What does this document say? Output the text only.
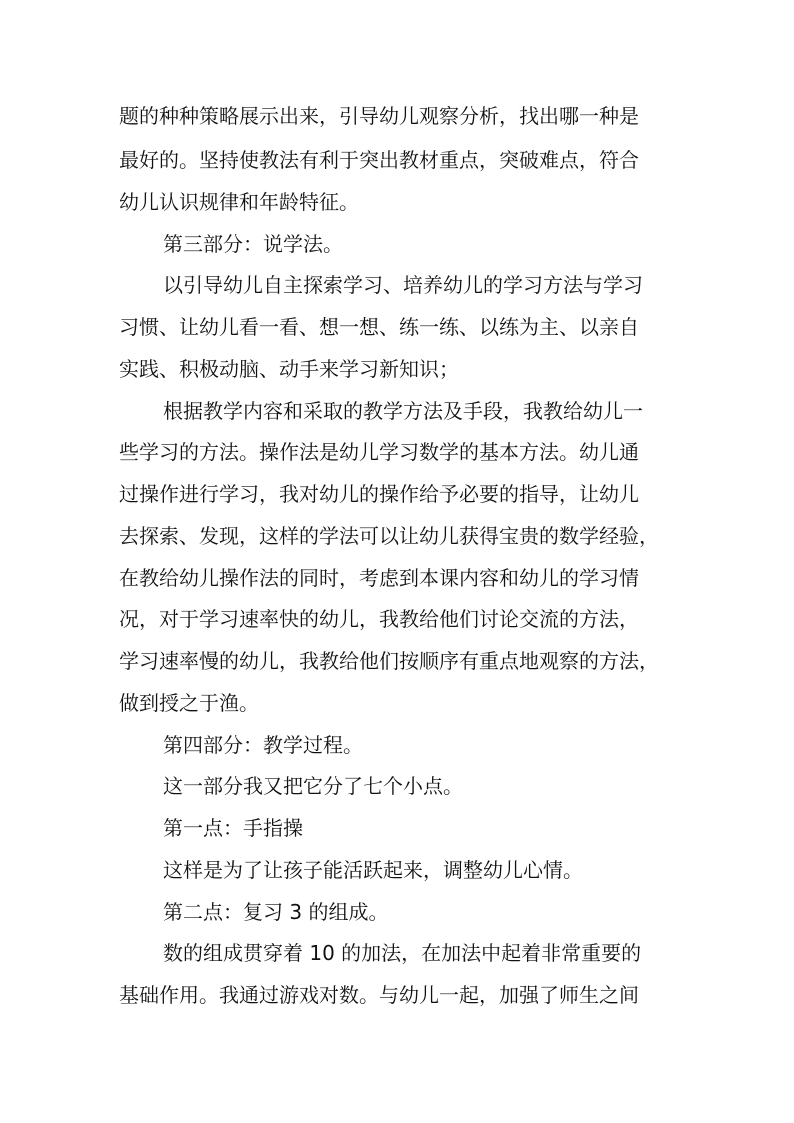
题的种种策略展示出来，引导幼儿观察分析，找出哪一种是
最好的。坚持使教法有利于突出教材重点，突破难点，符合
幼儿认识规律和年龄特征。
第三部分：说学法。
以引导幼儿自主探索学习、培养幼儿的学习方法与学习
习惯、让幼儿看一看、想一想、练一练、以练为主、以亲自
实践、积极动脑、动手来学习新知识；
根据教学内容和采取的教学方法及手段，我教给幼儿一
些学习的方法。操作法是幼儿学习数学的基本方法。幼儿通
过操作进行学习，我对幼儿的操作给予必要的指导，让幼儿
去探索、发现，这样的学法可以让幼儿获得宝贵的数学经验，
在教给幼儿操作法的同时，考虑到本课内容和幼儿的学习情
况，对于学习速率快的幼儿，我教给他们讨论交流的方法，
学习速率慢的幼儿，我教给他们按顺序有重点地观察的方法，
做到授之于渔。
第四部分：教学过程。
这一部分我又把它分了七个小点。
第一点：手指操
这样是为了让孩子能活跃起来，调整幼儿心情。
第二点：复习 3 的组成。
数的组成贯穿着 10 的加法，在加法中起着非常重要的
基础作用。我通过游戏对数。与幼儿一起，加强了师生之间
